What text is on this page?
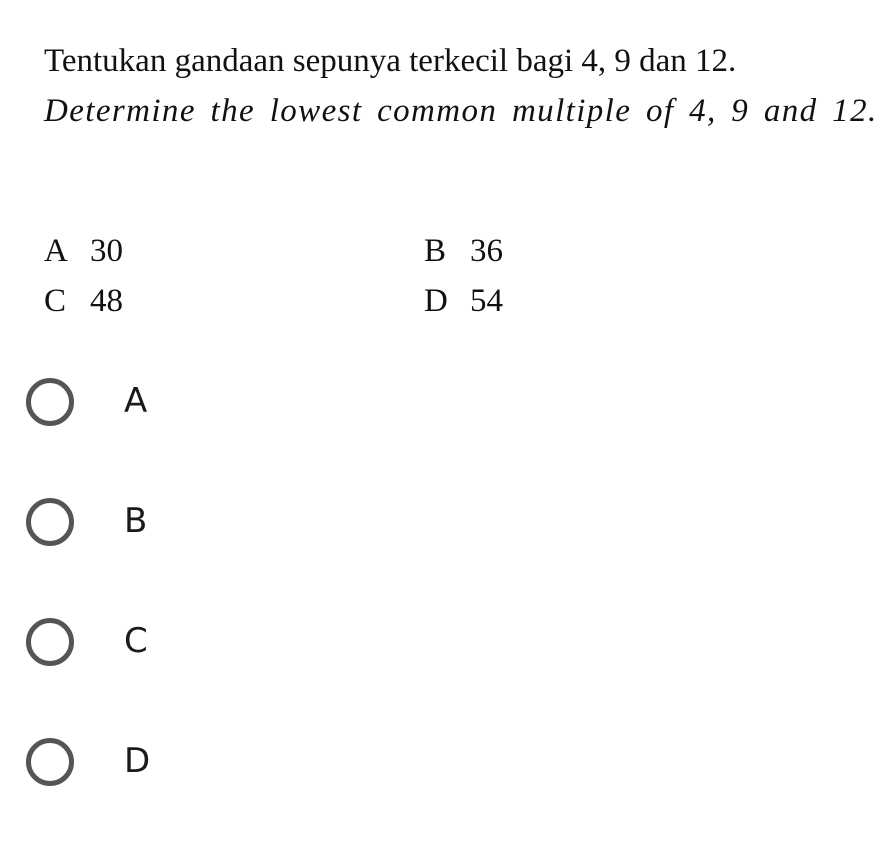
Tentukan gandaan sepunya terkecil bagi 4, 9 dan 12.

Determine the lowest common multiple of 4, 9 and 12.

A 30	B 36
C 48	D 54
A
B
C
D
